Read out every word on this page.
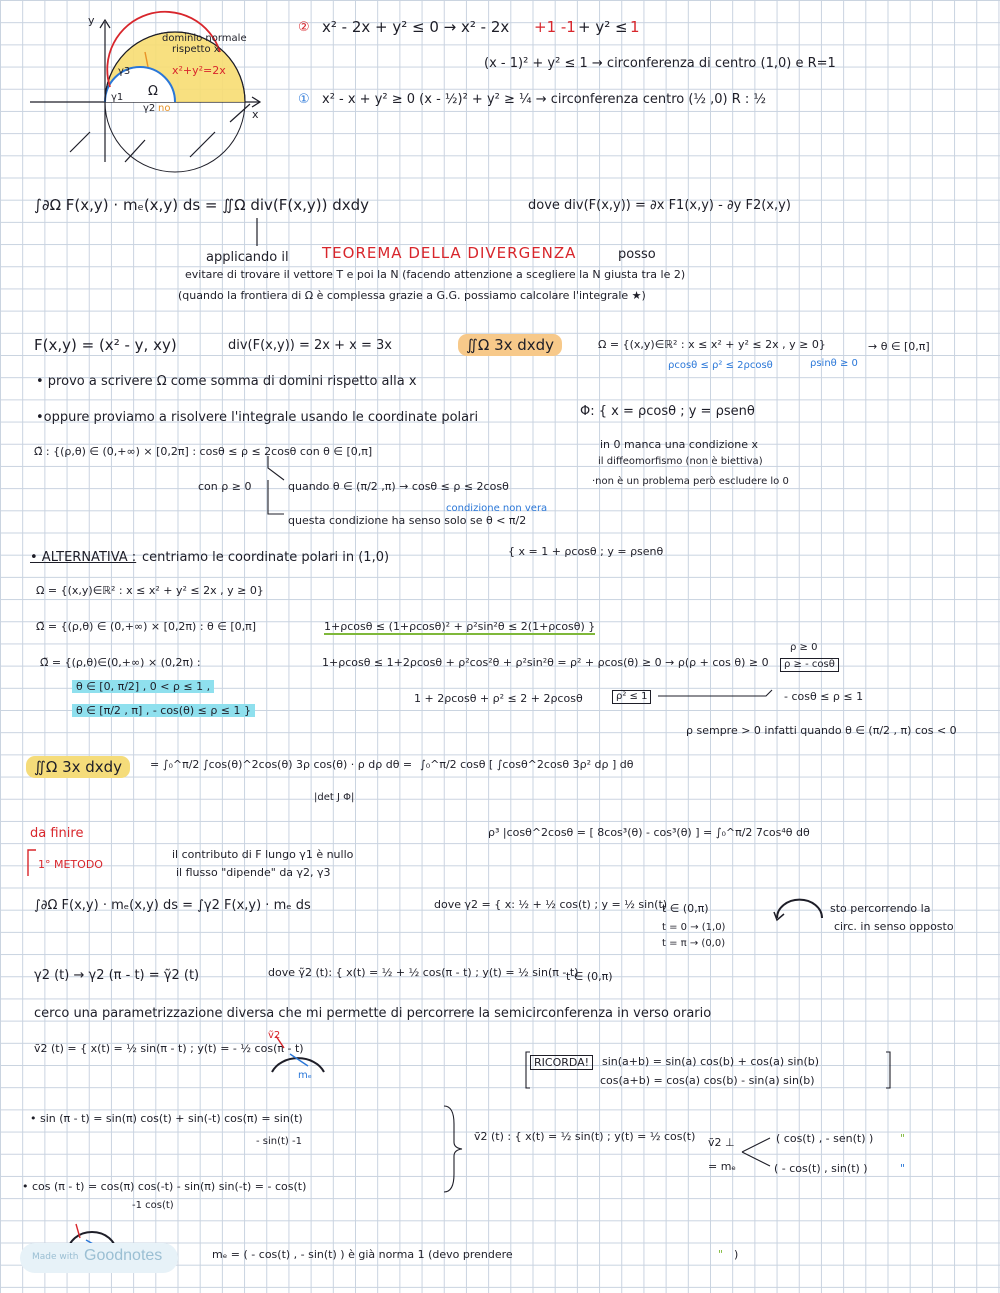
y
x
dominio normale
rispetto x
x²+y²=2x
Ω
γ3
γ1
γ2 no
② x² - 2x + y² ≤ 0 → x² - 2x +1 -1 + y² ≤ 1
(x - 1)² + y² ≤ 1 → circonferenza di centro (1,0) e R=1
① x² - x + y² ≥ 0 (x - ½)² + y² ≥ ¼ → circonferenza centro (½ ,0) R : ½
∫∂Ω F(x,y) · mₑ(x,y) ds = ∬Ω div(F(x,y)) dxdy	dove div(F(x,y)) = ∂x F1(x,y) - ∂y F2(x,y)
applicando il TEOREMA DELLA DIVERGENZA	posso
evitare di trovare il vettore T e poi la N (facendo attenzione a scegliere la N giusta tra le 2)
(quando la frontiera di Ω è complessa grazie a G.G. possiamo calcolare l'integrale ★)
F(x,y) = (x² - y, xy)	div(F(x,y)) = 2x + x = 3x	∬Ω 3x dxdy	Ω = {(x,y)∈ℝ² : x ≤ x² + y² ≤ 2x , y ≥ 0}	→ θ ∈ [0,π]
ρcosθ ≤ ρ² ≤ 2ρcosθ	ρsinθ ≥ 0
• provo a scrivere Ω come somma di domini rispetto alla x
•oppure proviamo a risolvere l'integrale usando le coordinate polari	Φ: { x = ρcosθ ; y = ρsenθ
in 0 manca una condizione x
il diffeomorfismo (non è biettiva)
·non è un problema però escludere lo 0
Ω̃ : {(ρ,θ) ∈ (0,+∞) × [0,2π] : cosθ ≤ ρ ≤ 2cosθ con θ ∈ [0,π]
con ρ ≥ 0	quando θ ∈ (π/2 ,π) → cosθ ≤ ρ ≤ 2cosθ
condizione non vera
questa condizione ha senso solo se θ < π/2
• ALTERNATIVA : centriamo le coordinate polari in (1,0)	{ x = 1 + ρcosθ ; y = ρsenθ
Ω = {(x,y)∈ℝ² : x ≤ x² + y² ≤ 2x , y ≥ 0}
Ω̃ = {(ρ,θ) ∈ (0,+∞) × [0,2π) : θ ∈ [0,π]	1+ρcosθ ≤ (1+ρcosθ)² + ρ²sin²θ ≤ 2(1+ρcosθ) }
1+ρcosθ ≤ 1+2ρcosθ + ρ²cos²θ + ρ²sin²θ = ρ² + ρcos(θ) ≥ 0 → ρ(ρ + cos θ) ≥ 0
ρ ≥ 0
ρ ≥ - cosθ
1 + 2ρcosθ + ρ² ≤ 2 + 2ρcosθ	ρ² ≤ 1	- cosθ ≤ ρ ≤ 1
ρ sempre > 0 infatti quando θ ∈ (π/2 , π) cos < 0
Ω̃ = {(ρ,θ)∈(0,+∞) × (0,2π) :
θ ∈ [0, π/2] , 0 < ρ ≤ 1 ,
θ ∈ [π/2 , π] , - cos(θ) ≤ ρ ≤ 1 }
∬Ω 3x dxdy	= ∫₀^π/2 ∫cos(θ)^2cos(θ) 3ρ cos(θ) · ρ dρ dθ = ∫₀^π/2 cosθ [ ∫cosθ^2cosθ 3ρ² dρ ] dθ
|det J Φ|
ρ³ |cosθ^2cosθ = [ 8cos³(θ) - cos³(θ) ] = ∫₀^π/2 7cos⁴θ dθ
da finire
1° METODO
il contributo di F lungo γ1 è nullo
il flusso "dipende" da γ2, γ3
∫∂Ω F(x,y) · mₑ(x,y) ds = ∫γ2 F(x,y) · mₑ ds	dove γ2 = { x: ½ + ½ cos(t) ; y = ½ sin(t)
t ∈ (0,π)
t = 0 → (1,0)
t = π → (0,0)
sto percorrendo la
circ. in senso opposto
γ2 (t) → γ2 (π - t) = γ̃2 (t)	dove γ̃2 (t): { x(t) = ½ + ½ cos(π - t) ; y(t) = ½ sin(π - t)
t ∈ (0,π)
cerco una parametrizzazione diversa che mi permette di percorrere la semicirconferenza in verso orario
ṽ2 (t) = { x(t) = ½ sin(π - t) ; y(t) = - ½ cos(π - t)
ṽ2
mₑ
RICORDA!	sin(a+b) = sin(a) cos(b) + cos(a) sin(b)
cos(a+b) = cos(a) cos(b) - sin(a) sin(b)
• sin (π - t) = sin(π) cos(t) + sin(-t) cos(π) = sin(t)
- sin(t) -1
• cos (π - t) = cos(π) cos(-t) - sin(π) sin(-t) = - cos(t)
-1 cos(t)
ṽ2 (t) : { x(t) = ½ sin(t) ; y(t) = ½ cos(t) ṽ2 ⊥
= mₑ
( cos(t) , - sen(t) ) "
( - cos(t) , sin(t) )	"
mₑ = ( - cos(t) , - sin(t) ) è già norma 1 (devo prendere	" )
Made with Goodnotes
